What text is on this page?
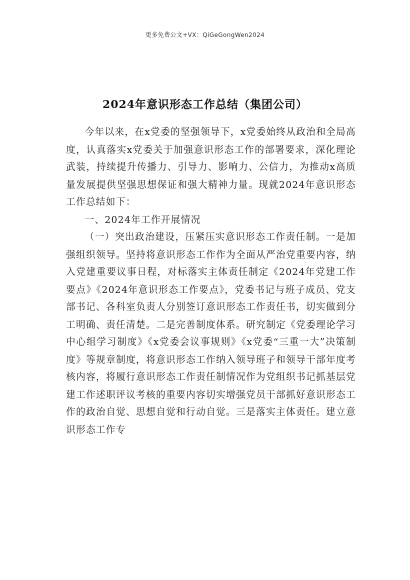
更多免费公文+VX：QiGeGongWen2024
2024年意识形态工作总结（集团公司）

今年以来，在x党委的坚强领导下，x党委始终从政治和全局高度，认真落实x党委关于加强意识形态工作的部署要求，深化理论武装，持续提升传播力、引导力、影响力、公信力，为推动x高质量发展提供坚强思想保证和强大精神力量。现就2024年意识形态工作总结如下：

一、2024年工作开展情况

（一）突出政治建设，压紧压实意识形态工作责任制。一是加强组织领导。坚持将意识形态工作作为全面从严治党重要内容，纳入党建重要议事日程，对标落实主体责任制定《2024年党建工作要点》《2024年意识形态工作要点》，党委书记与班子成员、党支部书记、各科室负责人分别签订意识形态工作责任书，切实做到分工明确、责任清楚。二是完善制度体系。研究制定《党委理论学习中心组学习制度》《x党委会议事规则》《x党委“三重一大”决策制度》等规章制度，将意识形态工作纳入领导班子和领导干部年度考核内容，将履行意识形态工作责任制情况作为党组织书记抓基层党建工作述职评议考核的重要内容切实增强党员干部抓好意识形态工作的政治自觉、思想自觉和行动自觉。三是落实主体责任。建立意识形态工作专
